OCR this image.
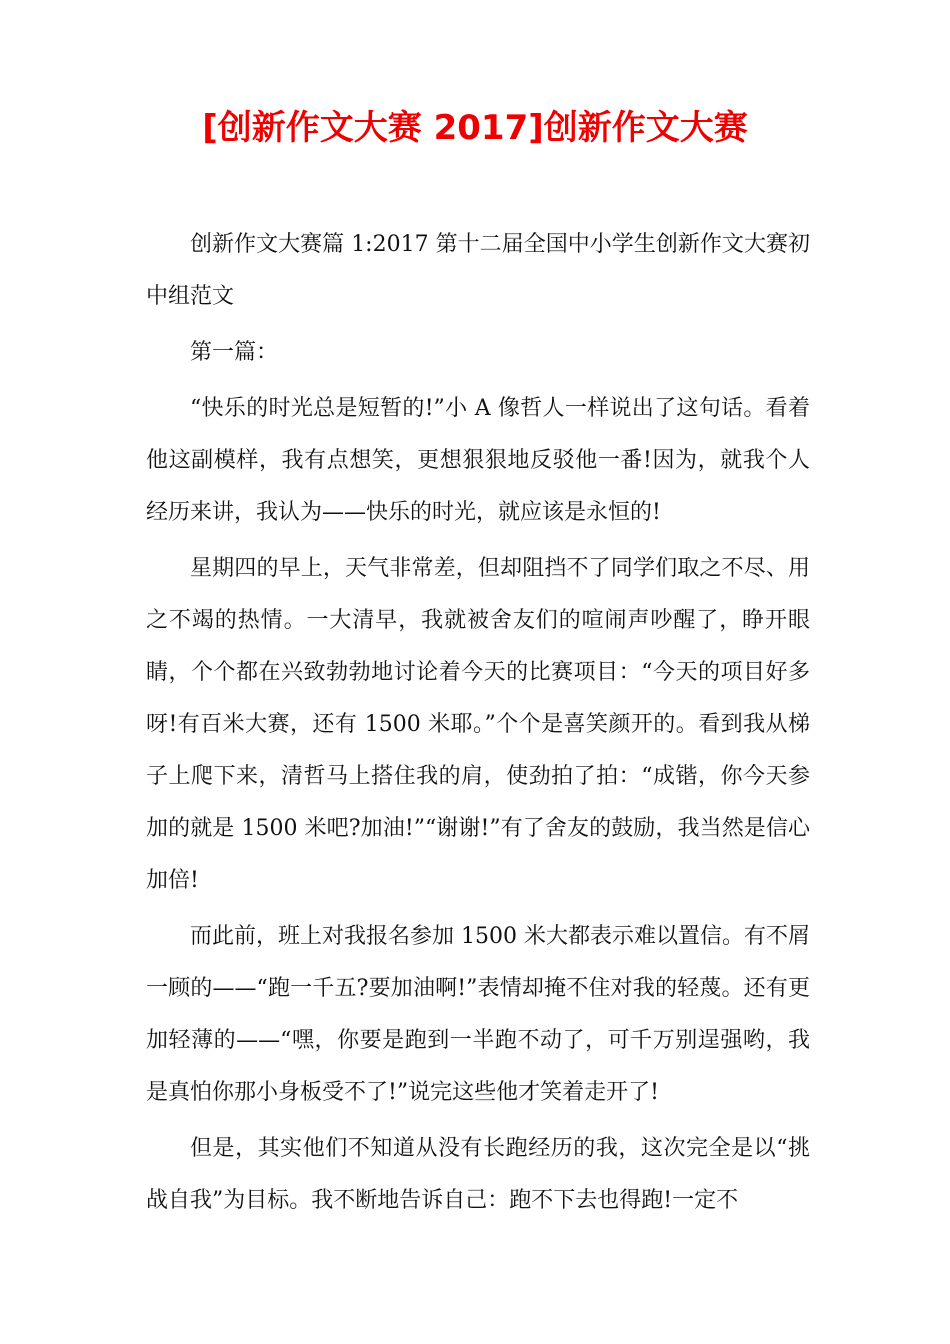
[创新作文大赛 2017]创新作文大赛

创新作文大赛篇 1:2017 第十二届全国中小学生创新作文大赛初中组范文

第一篇：

“快乐的时光总是短暂的!”小 A 像哲人一样说出了这句话。看着他这副模样，我有点想笑，更想狠狠地反驳他一番!因为，就我个人经历来讲，我认为——快乐的时光，就应该是永恒的!

星期四的早上，天气非常差，但却阻挡不了同学们取之不尽、用之不竭的热情。一大清早，我就被舍友们的喧闹声吵醒了，睁开眼睛，个个都在兴致勃勃地讨论着今天的比赛项目：“今天的项目好多呀!有百米大赛，还有 1500 米耶。”个个是喜笑颜开的。看到我从梯子上爬下来，清哲马上搭住我的肩，使劲拍了拍：“成锴，你今天参加的就是 1500 米吧?加油!”“谢谢!”有了舍友的鼓励，我当然是信心加倍!

而此前，班上对我报名参加 1500 米大都表示难以置信。有不屑一顾的——“跑一千五?要加油啊!”表情却掩不住对我的轻蔑。还有更加轻薄的——“嘿，你要是跑到一半跑不动了，可千万别逞强哟，我是真怕你那小身板受不了!”说完这些他才笑着走开了!

但是，其实他们不知道从没有长跑经历的我，这次完全是以“挑战自我”为目标。我不断地告诉自己：跑不下去也得跑!一定不
